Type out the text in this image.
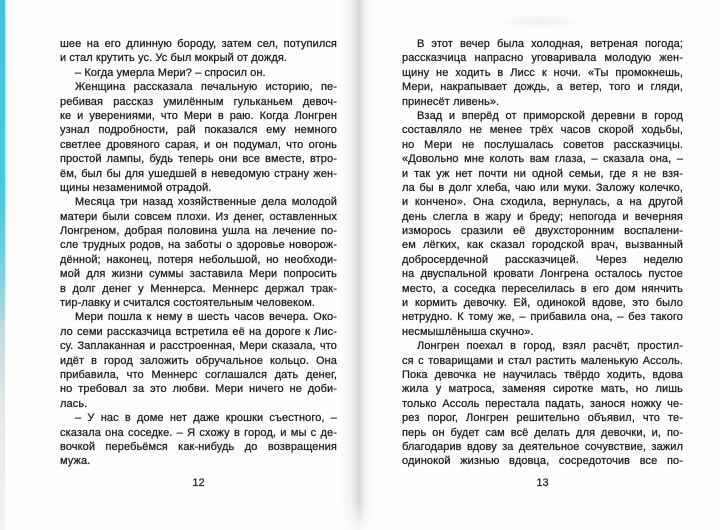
шее на его длинную бороду, затем сел, потупился
и стал крутить ус. Ус был мокрый от дождя.
– Когда умерла Мери? – спросил он.
Женщина рассказала печальную историю, пе-
ребивая рассказ умилённым гульканьем девоч-
ке и уверениями, что Мери в раю. Когда Лонгрен
узнал подробности, рай показался ему немного
светлее дровяного сарая, и он подумал, что огонь
простой лампы, будь теперь они все вместе, втро-
ём, был бы для ушедшей в неведомую страну жен-
щины незаменимой отрадой.
Месяца три назад хозяйственные дела молодой
матери были совсем плохи. Из денег, оставленных
Лонгреном, добрая половина ушла на лечение по-
сле трудных родов, на заботы о здоровье новорож-
дённой; наконец, потеря небольшой, но необходи-
мой для жизни суммы заставила Мери попросить
в долг денег у Меннерса. Меннерс держал трак-
тир-лавку и считался состоятельным человеком.
Мери пошла к нему в шесть часов вечера. Око-
ло семи рассказчица встретила её на дороге к Лис-
су. Заплаканная и расстроенная, Мери сказала, что
идёт в город заложить обручальное кольцо. Она
прибавила, что Меннерс соглашался дать денег,
но требовал за это любви. Мери ничего не доби-
лась.
– У нас в доме нет даже крошки съестного, –
сказала она соседке. – Я схожу в город, и мы с де-
вочкой перебьёмся как-нибудь до возвращения
мужа.
В этот вечер была холодная, ветреная погода;
рассказчица напрасно уговаривала молодую жен-
щину не ходить в Лисс к ночи. «Ты промокнешь,
Мери, накрапывает дождь, а ветер, того и гляди,
принесёт ливень».
Взад и вперёд от приморской деревни в город
составляло не менее трёх часов скорой ходьбы,
но Мери не послушалась советов рассказчицы.
«Довольно мне колоть вам глаза, – сказала она, –
и так уж нет почти ни одной семьи, где я не взя-
ла бы в долг хлеба, чаю или муки. Заложу колечко,
и кончено». Она сходила, вернулась, а на другой
день слегла в жару и бреду; непогода и вечерняя
изморось сразили её двухсторонним воспалени-
ем лёгких, как сказал городской врач, вызванный
добросердечной рассказчицей. Через неделю
на двуспальной кровати Лонгрена осталось пустое
место, а соседка переселилась в его дом нянчить
и кормить девочку. Ей, одинокой вдове, это было
нетрудно. К тому же, – прибавила она, – без такого
несмышлёныша скучно».
Лонгрен поехал в город, взял расчёт, простил-
ся с товарищами и стал растить маленькую Ассоль.
Пока девочка не научилась твёрдо ходить, вдова
жила у матроса, заменяя сиротке мать, но лишь
только Ассоль перестала падать, занося ножку че-
рез порог, Лонгрен решительно объявил, что те-
перь он будет сам всё делать для девочки, и, по-
благодарив вдову за деятельное сочувствие, зажил
одинокой жизнью вдовца, сосредоточив все по-
12	13
